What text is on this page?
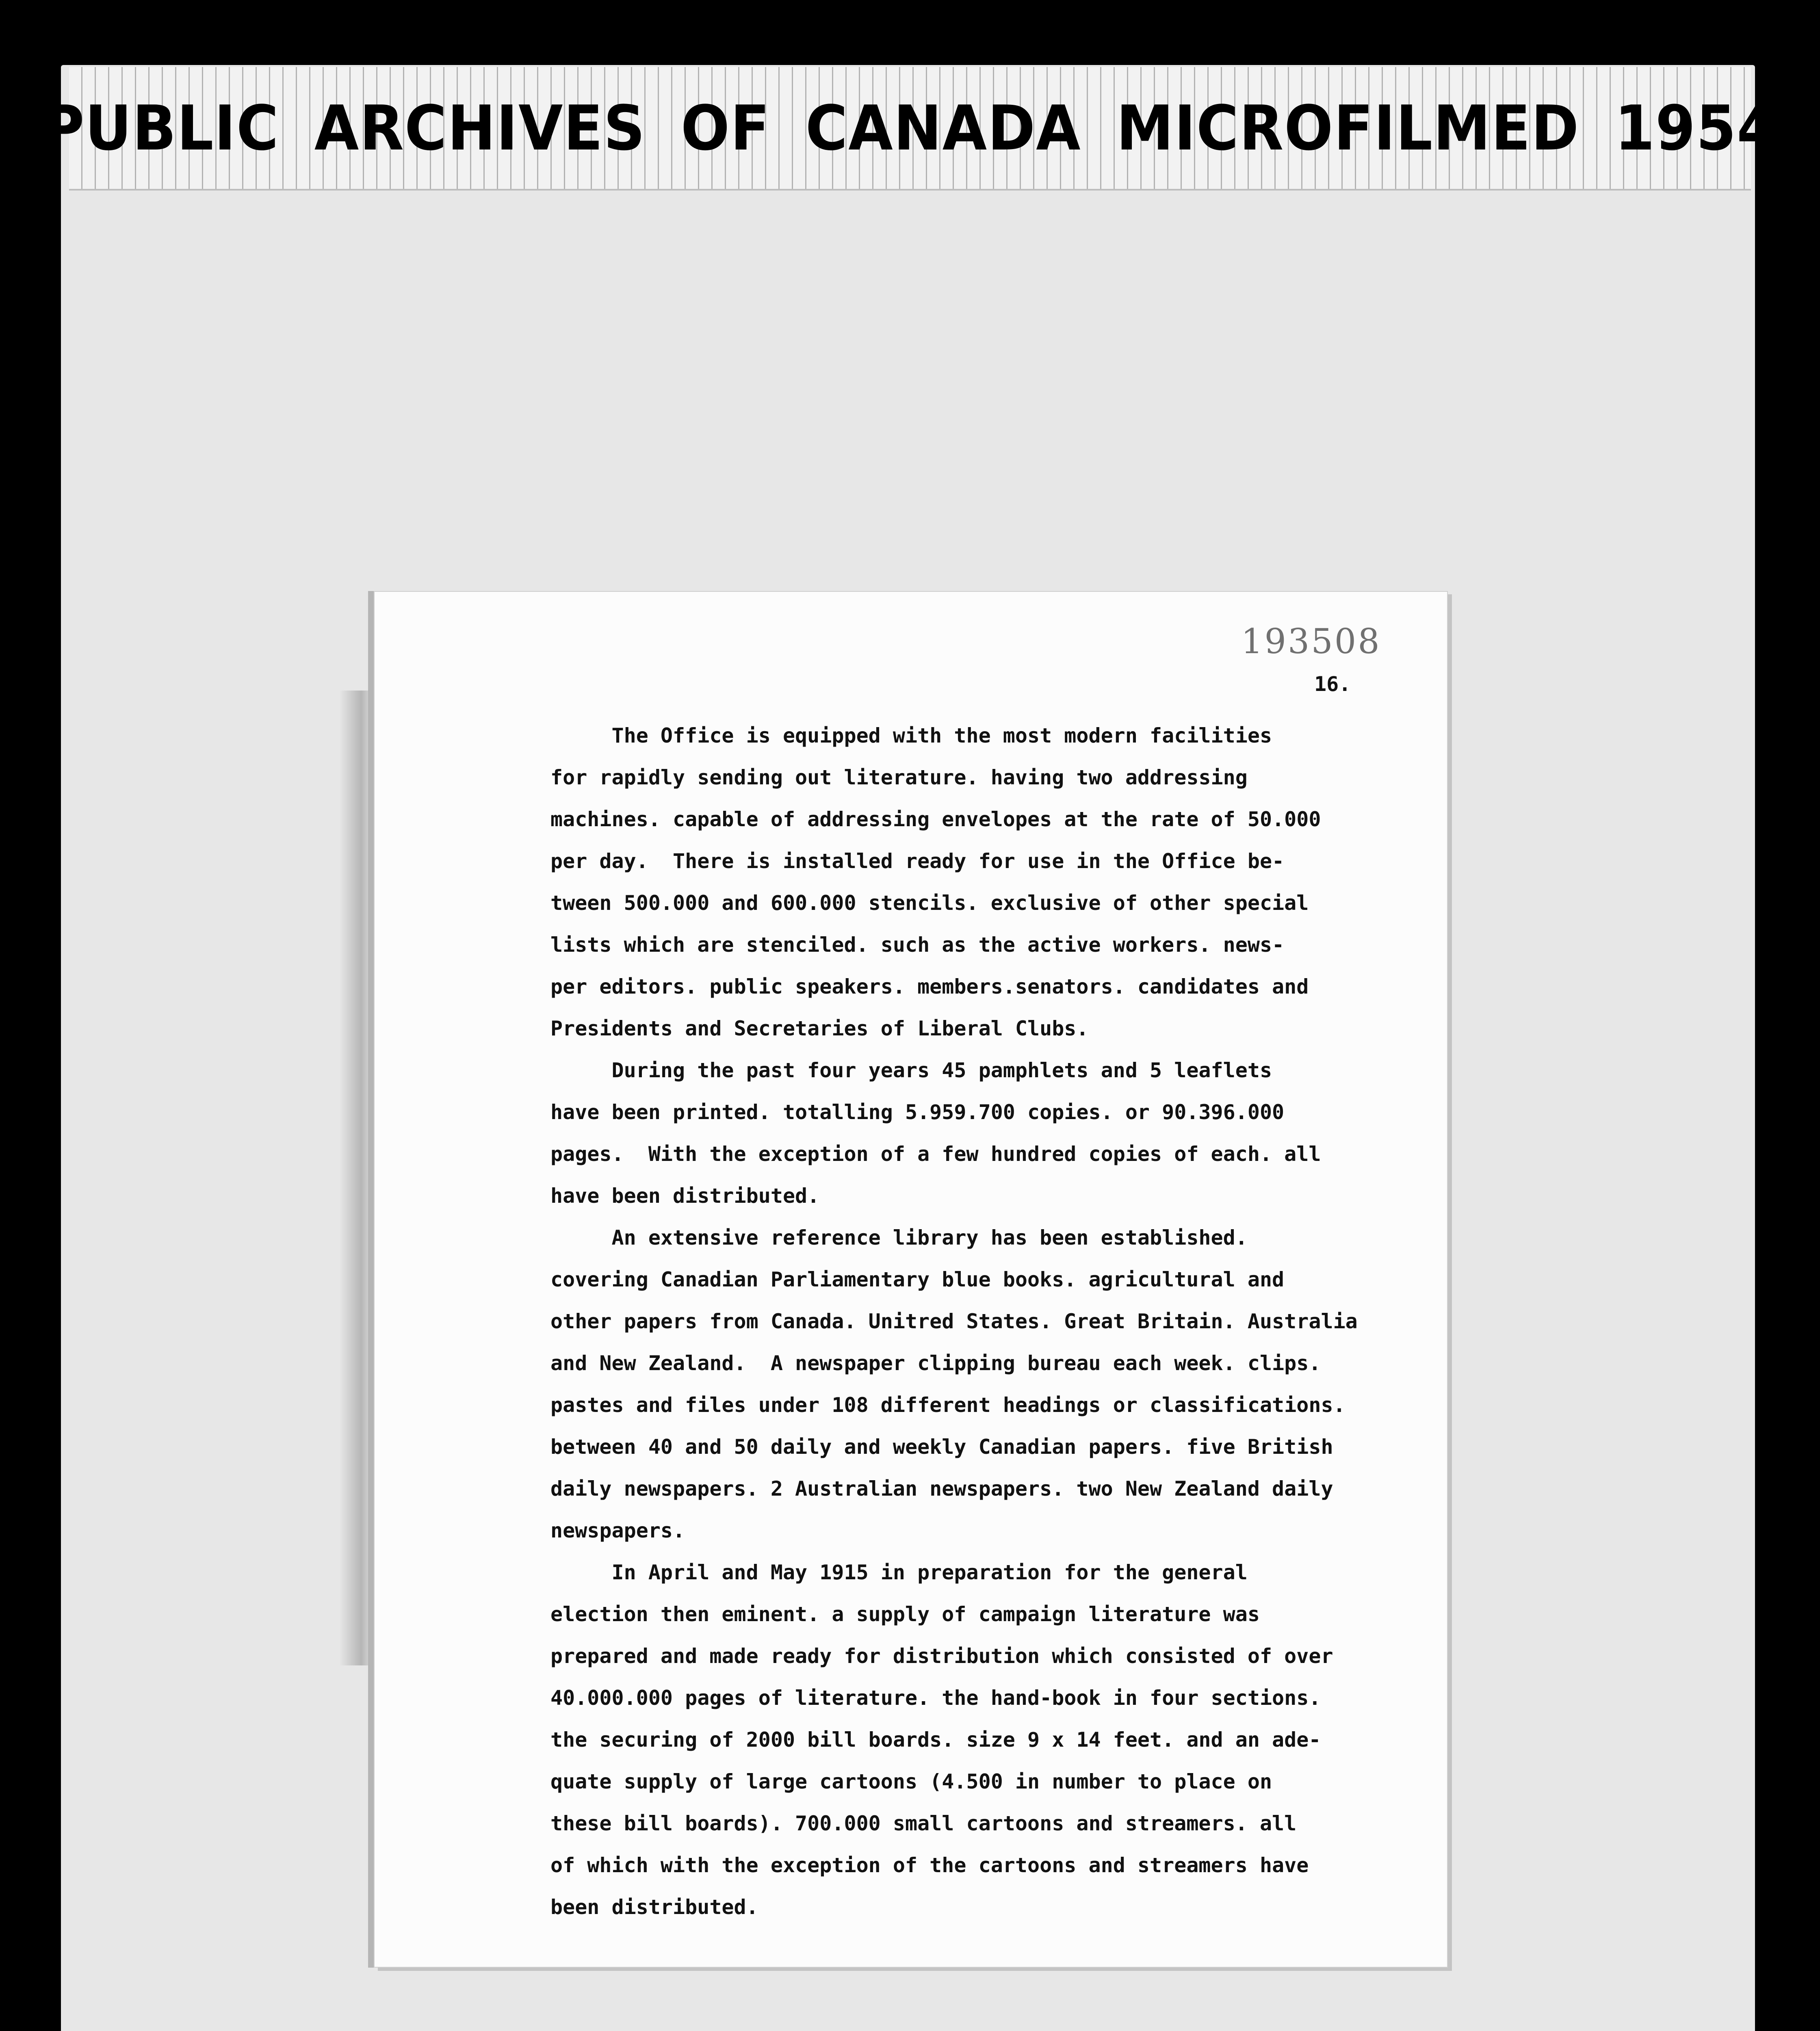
PUBLIC ARCHIVES OF CANADA MICROFILMED 1954
193508
16.
The Office is equipped with the most modern facilities
for rapidly sending out literature. having two addressing
machines. capable of addressing envelopes at the rate of 50.000
per day.  There is installed ready for use in the Office be-
tween 500.000 and 600.000 stencils. exclusive of other special
lists which are stenciled. such as the active workers. news-
per editors. public speakers. members.senators. candidates and
Presidents and Secretaries of Liberal Clubs.
During the past four years 45 pamphlets and 5 leaflets
have been printed. totalling 5.959.700 copies. or 90.396.000
pages.  With the exception of a few hundred copies of each. all
have been distributed.
An extensive reference library has been established.
covering Canadian Parliamentary blue books. agricultural and
other papers from Canada. Unitred States. Great Britain. Australia
and New Zealand.  A newspaper clipping bureau each week. clips.
pastes and files under 108 different headings or classifications.
between 40 and 50 daily and weekly Canadian papers. five British
daily newspapers. 2 Australian newspapers. two New Zealand daily
newspapers.
In April and May 1915 in preparation for the general
election then eminent. a supply of campaign literature was
prepared and made ready for distribution which consisted of over
40.000.000 pages of literature. the hand-book in four sections.
the securing of 2000 bill boards. size 9 x 14 feet. and an ade-
quate supply of large cartoons (4.500 in number to place on
these bill boards). 700.000 small cartoons and streamers. all
of which with the exception of the cartoons and streamers have
been distributed.
